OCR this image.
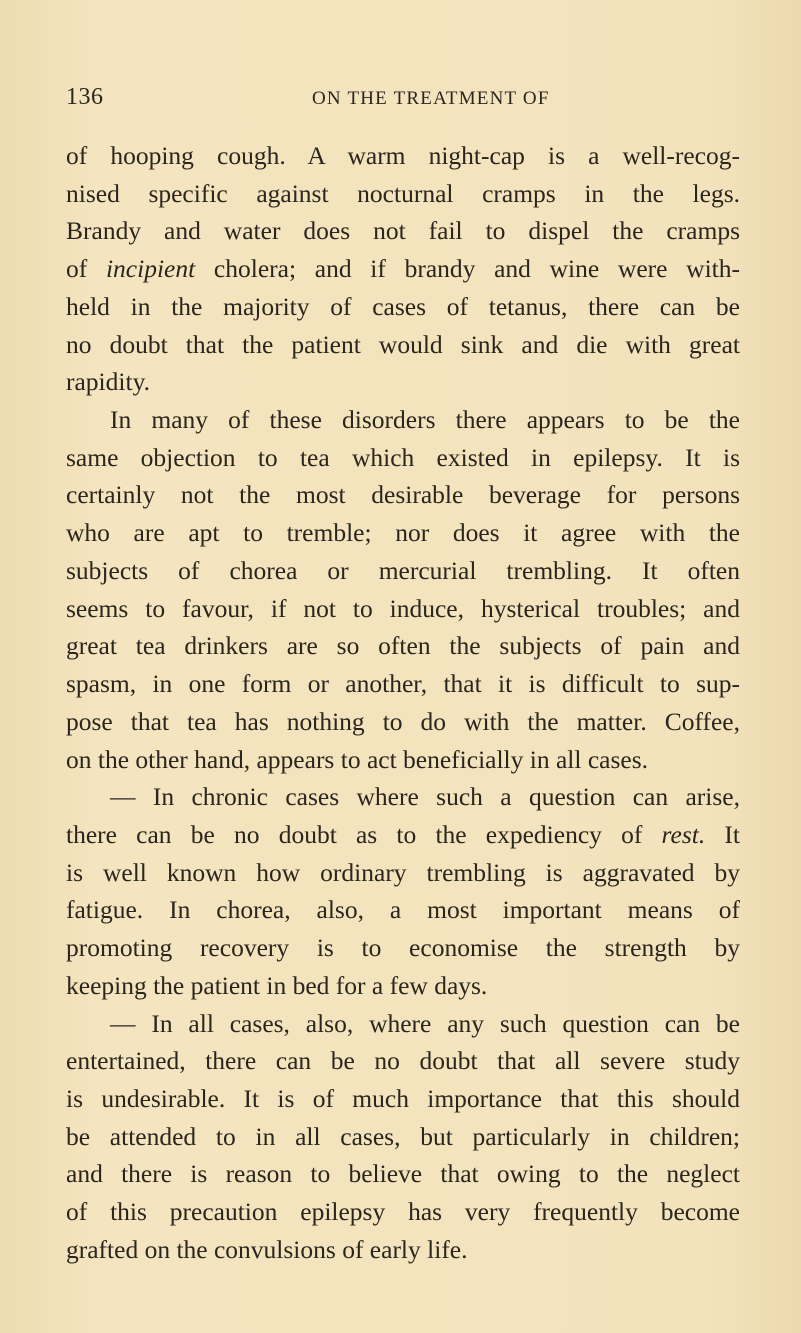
136	ON THE TREATMENT OF
of hooping cough. A warm night-cap is a well-recog-
nised specific against nocturnal cramps in the legs.
Brandy and water does not fail to dispel the cramps
of incipient cholera; and if brandy and wine were with-
held in the majority of cases of tetanus, there can be
no doubt that the patient would sink and die with great
rapidity.
In many of these disorders there appears to be the
same objection to tea which existed in epilepsy. It is
certainly not the most desirable beverage for persons
who are apt to tremble; nor does it agree with the
subjects of chorea or mercurial trembling. It often
seems to favour, if not to induce, hysterical troubles; and
great tea drinkers are so often the subjects of pain and
spasm, in one form or another, that it is difficult to sup-
pose that tea has nothing to do with the matter. Coffee,
on the other hand, appears to act beneficially in all cases.
— In chronic cases where such a question can arise,
there can be no doubt as to the expediency of rest. It
is well known how ordinary trembling is aggravated by
fatigue. In chorea, also, a most important means of
promoting recovery is to economise the strength by
keeping the patient in bed for a few days.
— In all cases, also, where any such question can be
entertained, there can be no doubt that all severe study
is undesirable. It is of much importance that this should
be attended to in all cases, but particularly in children;
and there is reason to believe that owing to the neglect
of this precaution epilepsy has very frequently become
grafted on the convulsions of early life.
